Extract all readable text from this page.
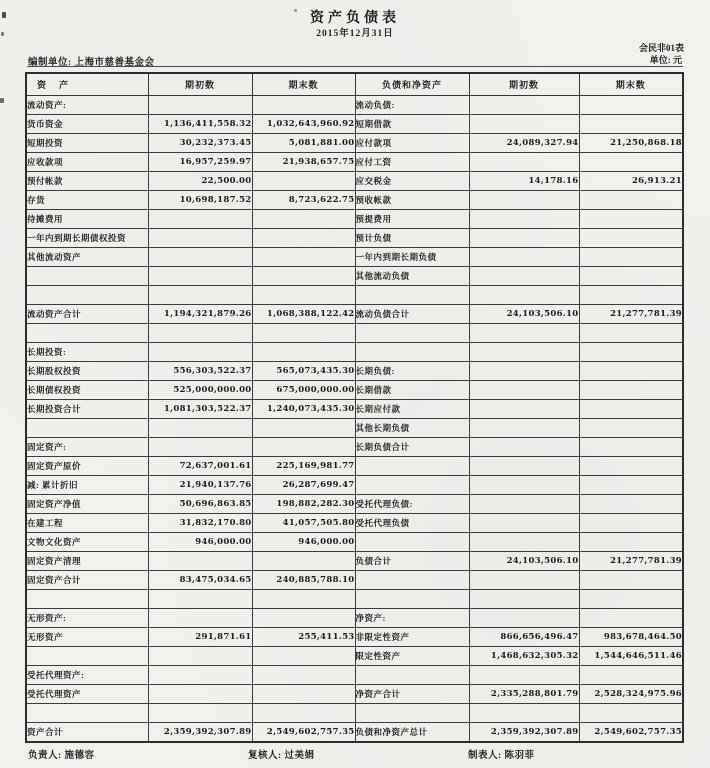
资产负债表
2015年12月31日
会民非01表
单位: 元
编制单位: 上海市慈善基金会
资　产	期初数	期末数	负债和净资产	期初数	期末数
流动资产:			流动负债:		
货币资金	1,136,411,558.32	1,032,643,960.92	短期借款		
短期投资	30,232,373.45	5,081,881.00	应付款项	24,089,327.94	21,250,868.18
应收款项	16,957,259.97	21,938,657.75	应付工资		
预付帐款	22,500.00		应交税金	14,178.16	26,913.21
存货	10,698,187.52	8,723,622.75	预收帐款		
待摊费用			预提费用		
一年内到期长期债权投资			预计负债		
其他流动资产			一年内到期长期负债		
			其他流动负债		

流动资产合计	1,194,321,879.26	1,068,388,122.42	流动负债合计	24,103,506.10	21,277,781.39

长期投资:					
长期股权投资	556,303,522.37	565,073,435.30	长期负债:		
长期债权投资	525,000,000.00	675,000,000.00	长期借款		
长期投资合计	1,081,303,522.37	1,240,073,435.30	长期应付款		
			其他长期负债		
固定资产:			长期负债合计		
固定资产原价	72,637,001.61	225,169,981.77			
减: 累计折旧	21,940,137.76	26,287,699.47			
固定资产净值	50,696,863.85	198,882,282.30	受托代理负债:		
在建工程	31,832,170.80	41,057,505.80	受托代理负债		
文物文化资产	946,000.00	946,000.00			
固定资产清理			负债合计	24,103,506.10	21,277,781.39
固定资产合计	83,475,034.65	240,885,788.10			

无形资产:			净资产:		
无形资产	291,871.61	255,411.53	非限定性资产	866,656,496.47	983,678,464.50
			限定性资产	1,468,632,305.32	1,544,646,511.46
受托代理资产:					
受托代理资产			净资产合计	2,335,288,801.79	2,528,324,975.96

资产合计	2,359,392,307.89	2,549,602,757.35	负债和净资产总计	2,359,392,307.89	2,549,602,757.35
负责人: 施德容	复核人: 过美娟	制表人: 陈羽菲
